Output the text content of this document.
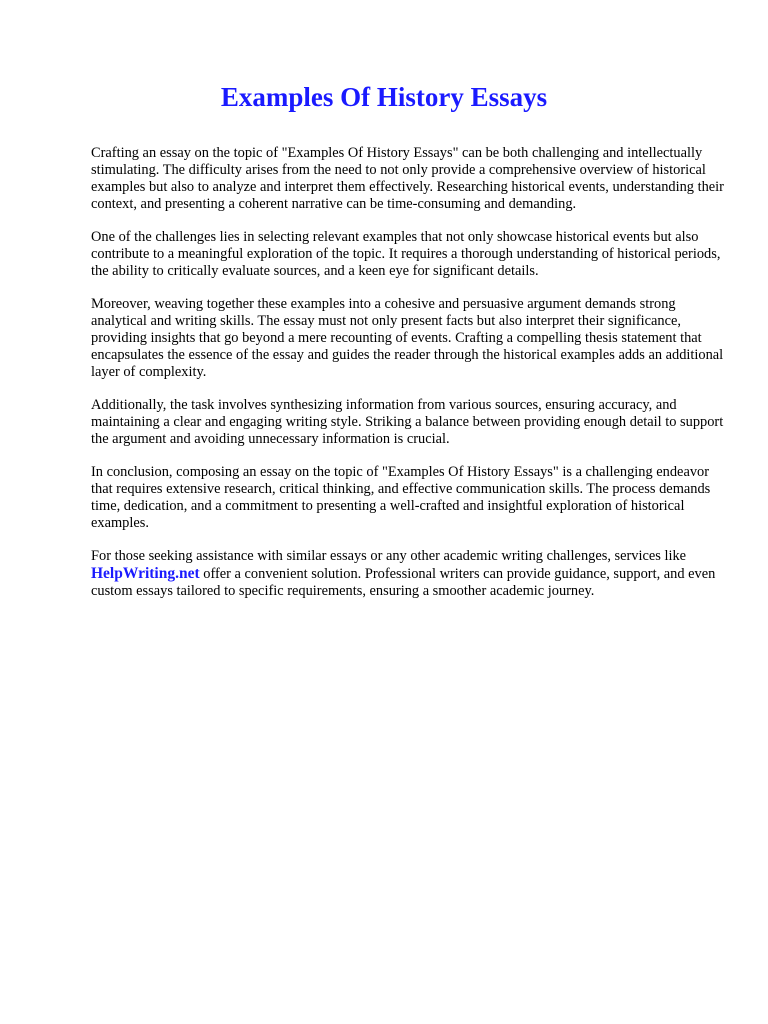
Examples Of History Essays

Crafting an essay on the topic of "Examples Of History Essays" can be both challenging and intellectually stimulating. The difficulty arises from the need to not only provide a comprehensive overview of historical examples but also to analyze and interpret them effectively. Researching historical events, understanding their context, and presenting a coherent narrative can be time-consuming and demanding.

One of the challenges lies in selecting relevant examples that not only showcase historical events but also contribute to a meaningful exploration of the topic. It requires a thorough understanding of historical periods, the ability to critically evaluate sources, and a keen eye for significant details.

Moreover, weaving together these examples into a cohesive and persuasive argument demands strong analytical and writing skills. The essay must not only present facts but also interpret their significance, providing insights that go beyond a mere recounting of events. Crafting a compelling thesis statement that encapsulates the essence of the essay and guides the reader through the historical examples adds an additional layer of complexity.

Additionally, the task involves synthesizing information from various sources, ensuring accuracy, and maintaining a clear and engaging writing style. Striking a balance between providing enough detail to support the argument and avoiding unnecessary information is crucial.

In conclusion, composing an essay on the topic of "Examples Of History Essays" is a challenging endeavor that requires extensive research, critical thinking, and effective communication skills. The process demands time, dedication, and a commitment to presenting a well-crafted and insightful exploration of historical examples.

For those seeking assistance with similar essays or any other academic writing challenges, services like HelpWriting.net offer a convenient solution. Professional writers can provide guidance, support, and even custom essays tailored to specific requirements, ensuring a smoother academic journey.
